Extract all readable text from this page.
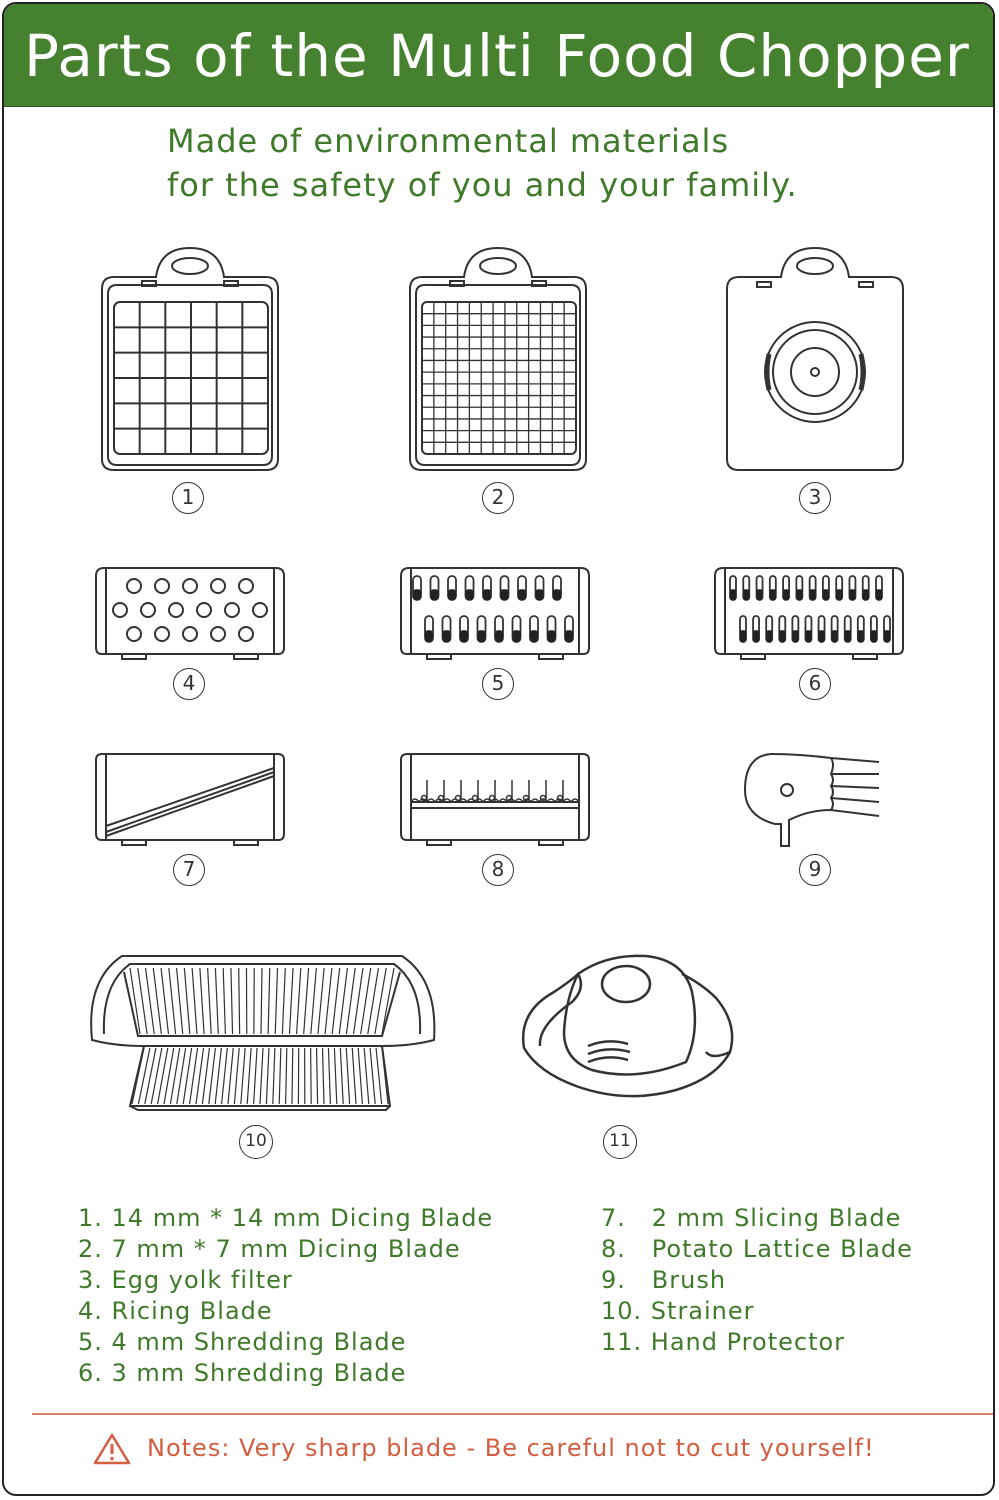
Parts of the Multi Food Chopper
Made of environmental materials
for the safety of you and your family.
1	2	3
4	5	6
7	8	9
10	11
1. 14 mm * 14 mm Dicing Blade
2. 7 mm * 7 mm Dicing Blade
3. Egg yolk filter
4. Ricing Blade
5. 4 mm Shredding Blade
6. 3 mm Shredding Blade
7.   2 mm Slicing Blade
8.   Potato Lattice Blade
9.   Brush
10. Strainer
11. Hand Protector
Notes: Very sharp blade - Be careful not to cut yourself!
